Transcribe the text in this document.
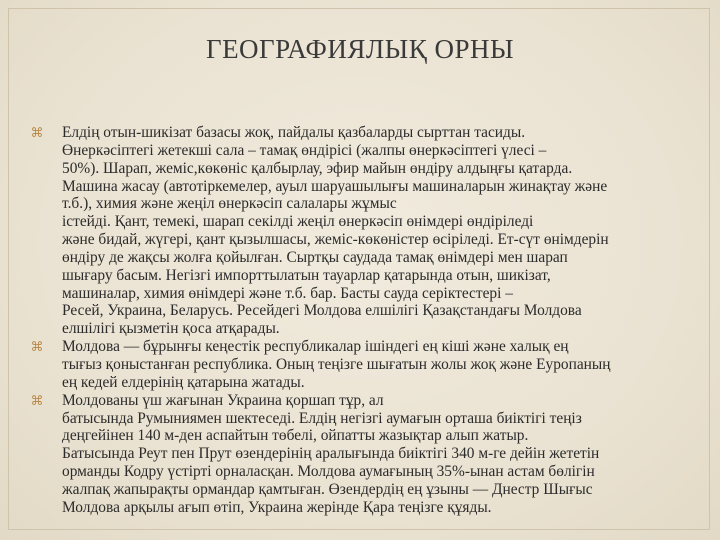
ГЕОГРАФИЯЛЫҚ ОРНЫ
⌘ Елдің отын-шикізат базасы жоқ, пайдалы қазбаларды сырттан тасиды.
Өнеркәсіптегі жетекші сала – тамақ өндірісі (жалпы өнеркәсіптегі үлесі –
50%). Шарап, жеміс,көкөніс қалбырлау, эфир майын өндіру алдыңғы қатарда.
Машина жасау (автотіркемелер, ауыл шаруашылығы машиналарын жинақтау және
т.б.), химия және жеңіл өнеркәсіп салалары жұмыс
істейді. Қант, темекі, шарап секілді жеңіл өнеркәсіп өнімдері өндіріледі
және бидай, жүгері, қант қызылшасы, жеміс-көкөністер өсіріледі. Ет-сүт өнімдерін
өндіру де жақсы жолға қойылған. Сыртқы саудада тамақ өнімдері мен шарап
шығару басым. Негізгі импорттылатын тауарлар қатарында отын, шикізат,
машиналар, химия өнімдері және т.б. бар. Басты сауда серіктестері –
Ресей, Украина, Беларусь. Ресейдегі Молдова елшілігі Қазақстандағы Молдова
елшілігі қызметін қоса атқарады.
⌘ Молдова — бұрынғы кеңестік республикалар ішіндегі ең кіші және халық ең
тығыз қоныстанған республика. Оның теңізге шығатын жолы жоқ және Еуропаның
ең кедей елдерінің қатарына жатады.
⌘ Молдованы үш жағынан Украина қоршап тұр, ал
батысында Румыниямен шектеседі. Елдің негізгі аумағын орташа биіктігі теңіз
деңгейінен 140 м-ден аспайтын төбелі, ойпатты жазықтар алып жатыр.
Батысында Реут пен Прут өзендерінің аралығында биіктігі 340 м-ге дейін жететін
орманды Кодру үстірті орналасқан. Молдова аумағының 35%-ынан астам бөлігін
жалпақ жапырақты ормандар қамтыған. Өзендердің ең ұзыны — Днестр Шығыс
Молдова арқылы ағып өтіп, Украина жерінде Қара теңізге құяды.
